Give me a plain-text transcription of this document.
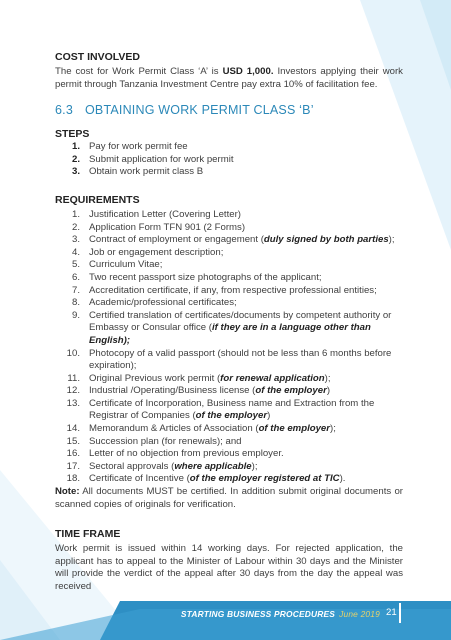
COST INVOLVED

The cost for Work Permit Class ‘A’ is USD 1,000. Investors applying their work permit through Tanzania Investment Centre pay extra 10% of facilitation fee.

6.3 OBTAINING WORK PERMIT CLASS ‘B’

STEPS

1. Pay for work permit fee
2. Submit application for work permit
3. Obtain work permit class B

REQUIREMENTS

1. Justification Letter (Covering Letter)
2. Application Form TFN 901 (2 Forms)
3. Contract of employment or engagement (duly signed by both parties);
4. Job or engagement description;
5. Curriculum Vitae;
6. Two recent passport size photographs of the applicant;
7. Accreditation certificate, if any, from respective professional entities;
8. Academic/professional certificates;
9. Certified translation of certificates/documents by competent authority or Embassy or Consular office (if they are in a language other than English);
10. Photocopy of a valid passport (should not be less than 6 months before expiration);
11. Original Previous work permit (for renewal application);
12. Industrial /Operating/Business license (of the employer)
13. Certificate of Incorporation, Business name and Extraction from the Registrar of Companies (of the employer)
14. Memorandum & Articles of Association (of the employer);
15. Succession plan (for renewals); and
16. Letter of no objection from previous employer.
17. Sectoral approvals (where applicable);
18. Certificate of Incentive (of the employer registered at TIC).

Note: All documents MUST be certified. In addition submit original documents or scanned copies of originals for verification.

TIME FRAME

Work permit is issued within 14 working days. For rejected application, the applicant has to appeal to the Minister of Labour within 30 days and the Minister will provide the verdict of the appeal after 30 days from the day the appeal was received

STARTING BUSINESS PROCEDURES June 2019 21
